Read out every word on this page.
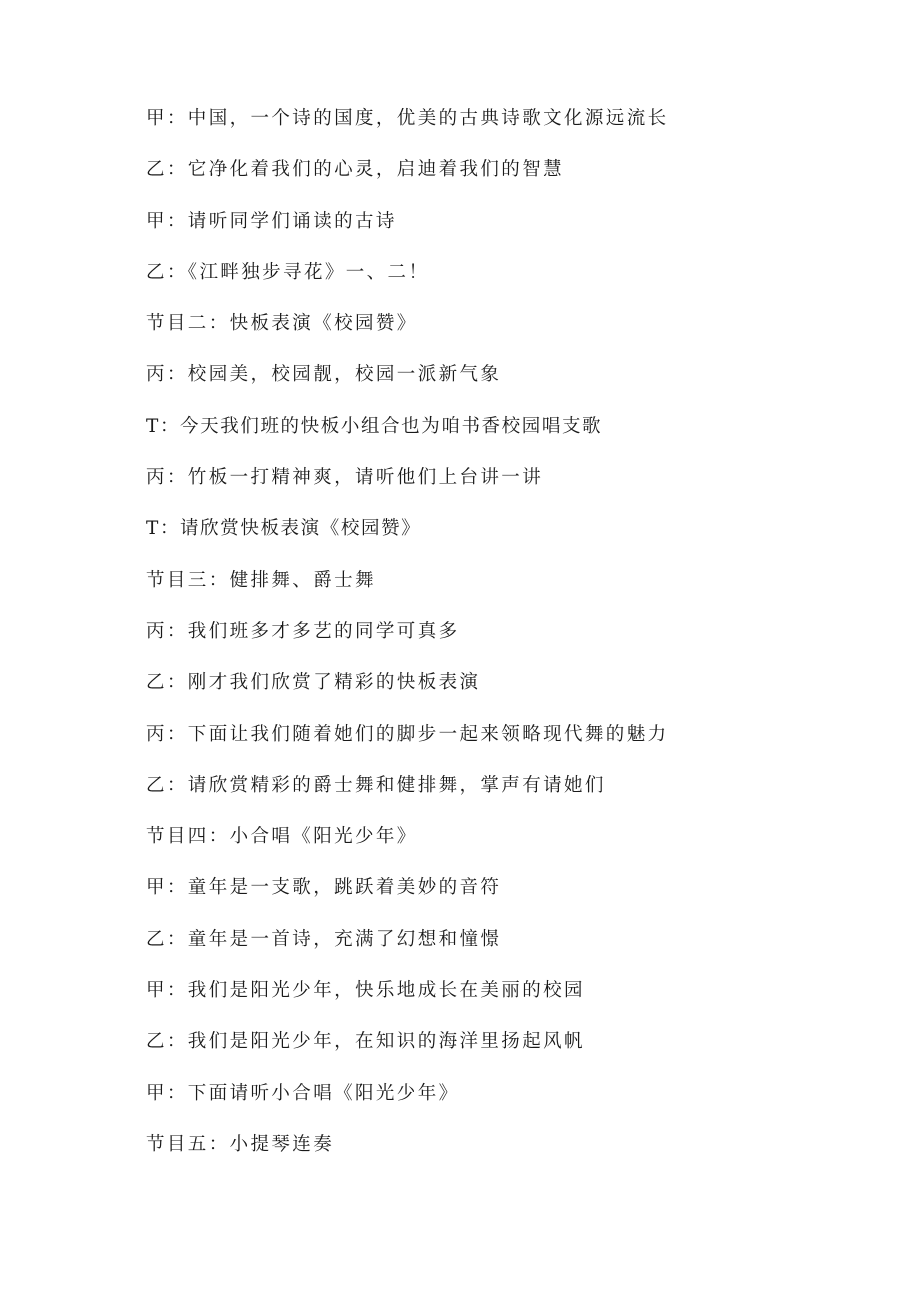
甲：中国，一个诗的国度，优美的古典诗歌文化源远流长
乙：它净化着我们的心灵，启迪着我们的智慧
甲：请听同学们诵读的古诗
乙：《江畔独步寻花》一、二！
节目二：快板表演《校园赞》
丙：校园美，校园靓，校园一派新气象
T：今天我们班的快板小组合也为咱书香校园唱支歌
丙：竹板一打精神爽，请听他们上台讲一讲
T：请欣赏快板表演《校园赞》
节目三：健排舞、爵士舞
丙：我们班多才多艺的同学可真多
乙：刚才我们欣赏了精彩的快板表演
丙：下面让我们随着她们的脚步一起来领略现代舞的魅力
乙：请欣赏精彩的爵士舞和健排舞，掌声有请她们
节目四：小合唱《阳光少年》
甲：童年是一支歌，跳跃着美妙的音符
乙：童年是一首诗，充满了幻想和憧憬
甲：我们是阳光少年，快乐地成长在美丽的校园
乙：我们是阳光少年，在知识的海洋里扬起风帆
甲：下面请听小合唱《阳光少年》
节目五：小提琴连奏
